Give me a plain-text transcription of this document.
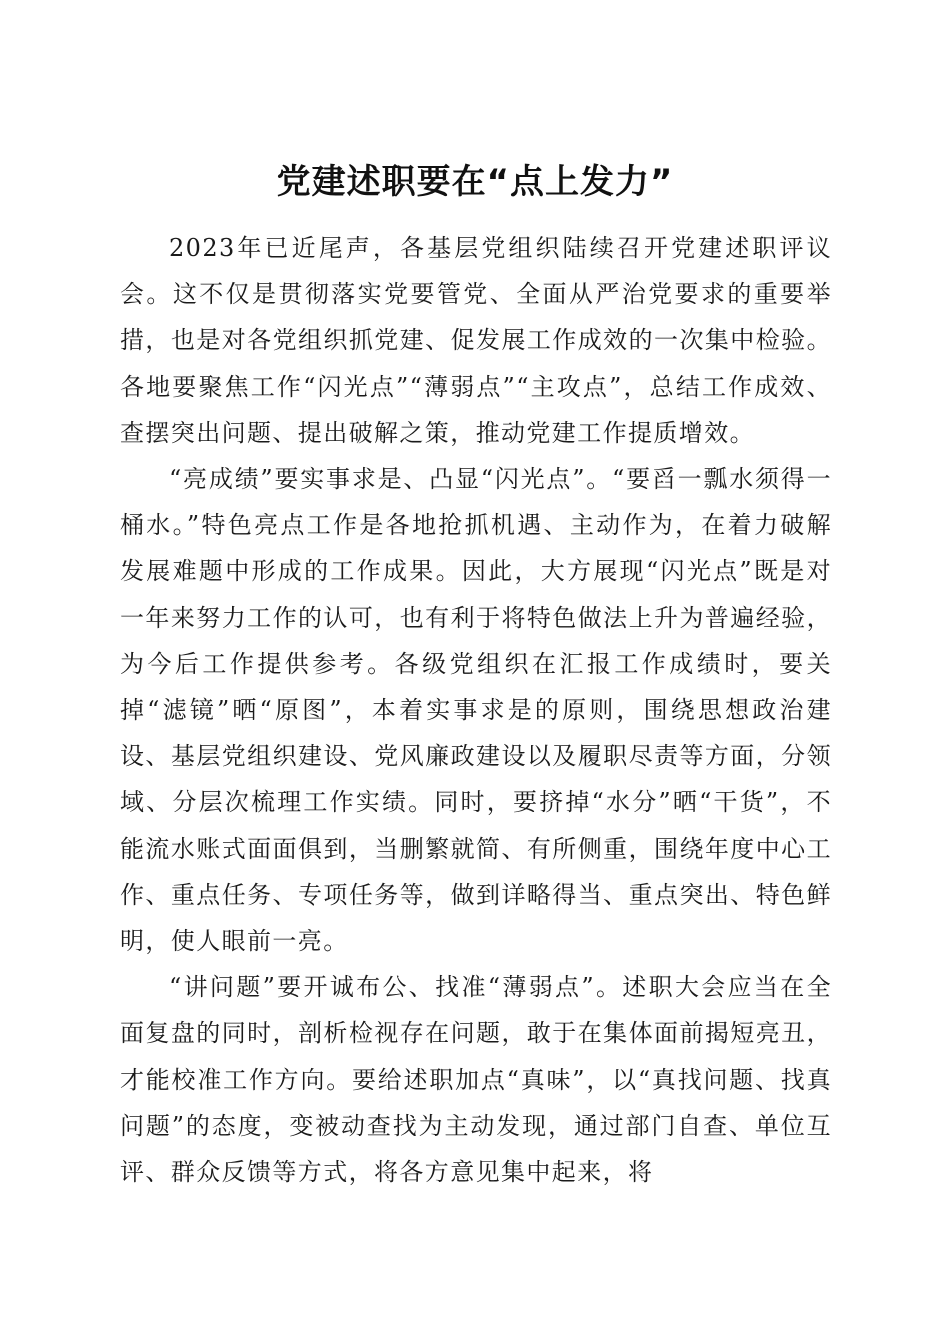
党建述职要在“点上发力”

2023年已近尾声，各基层党组织陆续召开党建述职评议会。这不仅是贯彻落实党要管党、全面从严治党要求的重要举措，也是对各党组织抓党建、促发展工作成效的一次集中检验。各地要聚焦工作“闪光点”“薄弱点”“主攻点”，总结工作成效、查摆突出问题、提出破解之策，推动党建工作提质增效。

“亮成绩”要实事求是、凸显“闪光点”。“要舀一瓢水须得一桶水。”特色亮点工作是各地抢抓机遇、主动作为，在着力破解发展难题中形成的工作成果。因此，大方展现“闪光点”既是对一年来努力工作的认可，也有利于将特色做法上升为普遍经验，为今后工作提供参考。各级党组织在汇报工作成绩时，要关掉“滤镜”晒“原图”，本着实事求是的原则，围绕思想政治建设、基层党组织建设、党风廉政建设以及履职尽责等方面，分领域、分层次梳理工作实绩。同时，要挤掉“水分”晒“干货”，不能流水账式面面俱到，当删繁就简、有所侧重，围绕年度中心工作、重点任务、专项任务等，做到详略得当、重点突出、特色鲜明，使人眼前一亮。

“讲问题”要开诚布公、找准“薄弱点”。述职大会应当在全面复盘的同时，剖析检视存在问题，敢于在集体面前揭短亮丑，才能校准工作方向。要给述职加点“真味”，以“真找问题、找真问题”的态度，变被动查找为主动发现，通过部门自查、单位互评、群众反馈等方式，将各方意见集中起来，将
